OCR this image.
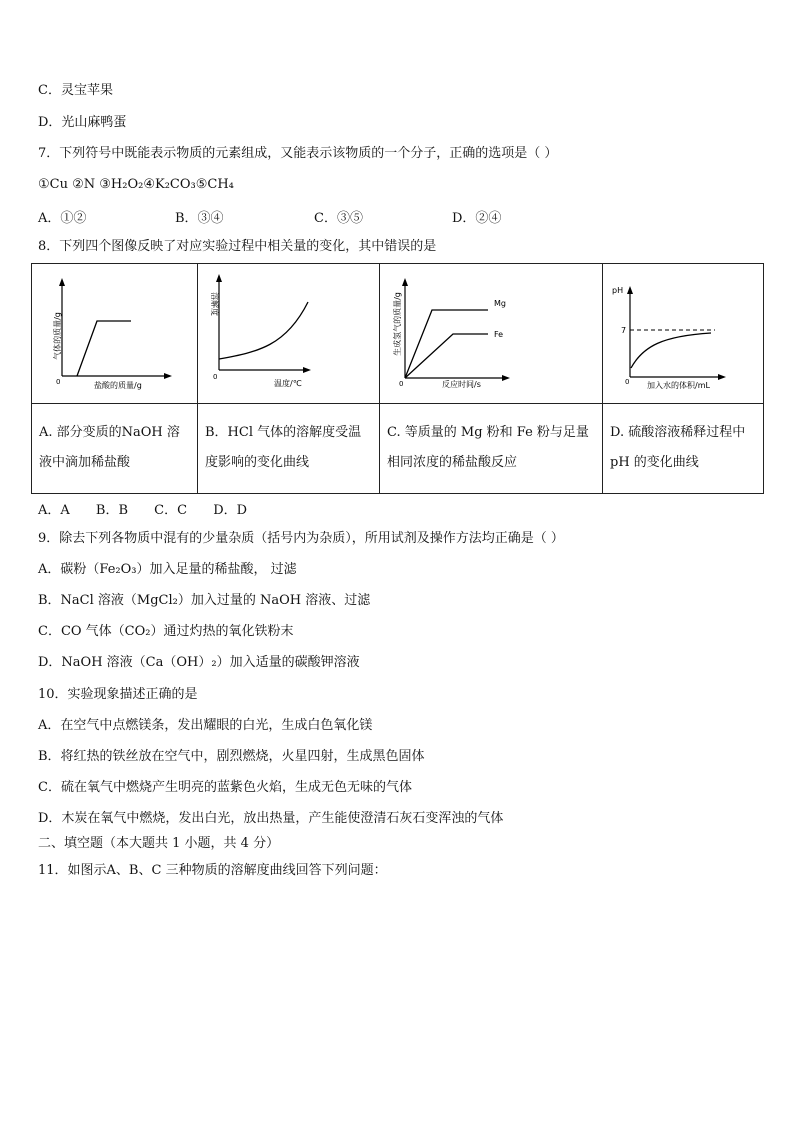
C．灵宝苹果
D．光山麻鸭蛋
7．下列符号中既能表示物质的元素组成，又能表示该物质的一个分子，正确的选项是（ ）
①Cu ②N ③H₂O₂④K₂CO₃⑤CH₄
A．①②	B．③④	C．③⑤	D．②④
8．下列四个图像反映了对应实验过程中相关量的变化，其中错误的是
气体的质量/g
盐酸的质量/g
0	溶解度
温度/℃
0	Mg
Fe
生成氢气的质量/g
反应时间/s
0	pH
7
加入水的体积/mL
0

A. 部分变质的NaOH 溶液中滴加稀盐酸	B．HCl 气体的溶解度受温度影响的变化曲线	C. 等质量的 Mg 粉和 Fe 粉与足量相同浓度的稀盐酸反应	D. 硫酸溶液稀释过程中pH 的变化曲线
A．A B．B C．C D．D
9．除去下列各物质中混有的少量杂质（括号内为杂质），所用试剂及操作方法均正确是（ ）
A．碳粉（Fe₂O₃）加入足量的稀盐酸， 过滤
B．NaCl 溶液（MgCl₂）加入过量的 NaOH 溶液、过滤
C．CO 气体（CO₂）通过灼热的氧化铁粉末
D．NaOH 溶液（Ca（OH）₂）加入适量的碳酸钾溶液
10．实验现象描述正确的是
A．在空气中点燃镁条，发出耀眼的白光，生成白色氧化镁
B．将红热的铁丝放在空气中，剧烈燃烧，火星四射，生成黑色固体
C．硫在氧气中燃烧产生明亮的蓝紫色火焰，生成无色无味的气体
D．木炭在氧气中燃烧，发出白光，放出热量，产生能使澄清石灰石变浑浊的气体
二、填空题（本大题共 1 小题，共 4 分）
11．如图示A、B、C 三种物质的溶解度曲线回答下列问题：
